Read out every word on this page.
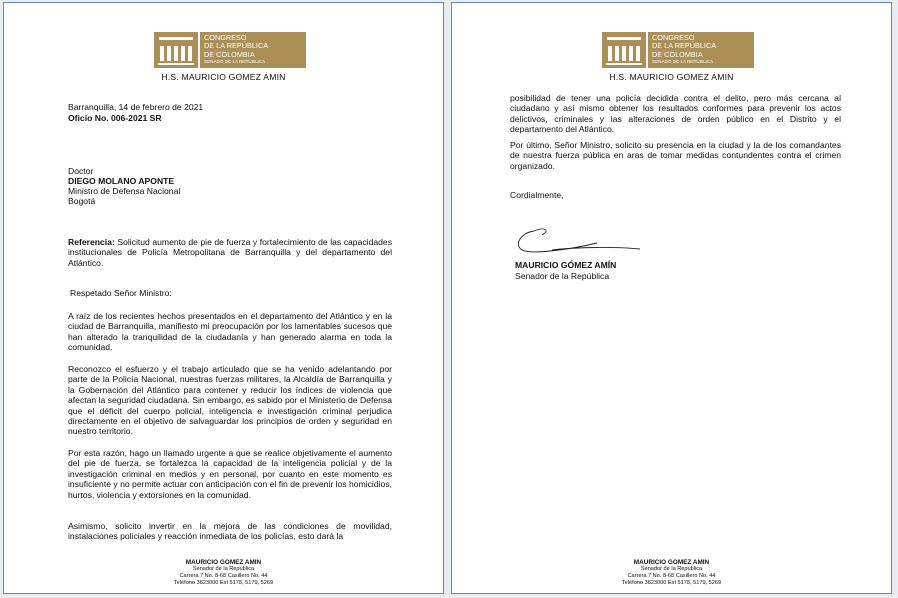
CONGRESO
DE LA REPÚBLICA
DE COLOMBIA
SENADO DE LA REPÚBLICA
H.S. MAURICIO GOMEZ AMIN
Barranquilla, 14 de febrero de 2021
Oficio No. 006-2021 SR
Doctor
DIEGO MOLANO APONTE
Ministro de Defensa Nacional
Bogotá
Referencia: Solicitud aumento de pie de fuerza y fortalecimiento de las capacidades institucionales de Policía Metropolitana de Barranquilla y del departamento del Atlántico.
Respetado Señor Ministro:
A raíz de los recientes hechos presentados en el departamento del Atlántico y en la ciudad de Barranquilla, manifiesto mi preocupación por los lamentables sucesos que han alterado la tranquilidad de la ciudadanía y han generado alarma en toda la comunidad.
Reconozco el esfuerzo y el trabajo articulado que se ha venido adelantando por parte de la Policía Nacional, nuestras fuerzas militares, la Alcaldía de Barranquilla y la Gobernación del Atlántico para contener y reducir los índices de violencia que afectan la seguridad ciudadana. Sin embargo, es sabido por el Ministerio de Defensa que el déficit del cuerpo policial, inteligencia e investigación criminal perjudica directamente en el objetivo de salvaguardar los principios de orden y seguridad en nuestro territorio.
Por esta razón, hago un llamado urgente a que se realice objetivamente el aumento del pie de fuerza, se fortalezca la capacidad de la inteligencia policial y de la investigación criminal en medios y en personal, por cuanto en este momento es insuficiente y no permite actuar con anticipación con el fin de prevenir los homicidios, hurtos, violencia y extorsiones en la comunidad.
Asimismo, solicito invertir en la mejora de las condiciones de movilidad, instalaciones policiales y reacción inmediata de los policías, esto dará la
MAURICIO GOMEZ AMIN
Senador de la República
Carrera 7 No. 8-68 Casillero No. 44
Teléfono 3823000 Ext 5178, 5179, 5269
CONGRESO
DE LA REPÚBLICA
DE COLOMBIA
SENADO DE LA REPÚBLICA
H.S. MAURICIO GOMEZ AMIN
posibilidad de tener una policía decidida contra el delito, pero más cercana al ciudadano y así mismo obtener los resultados conformes para prevenir los actos delictivos, criminales y las alteraciones de orden público en el Distrito y el departamento del Atlántico.
Por último, Señor Ministro, solicito su presencia en la ciudad y la de los comandantes de nuestra fuerza pública en aras de tomar medidas contundentes contra el crimen organizado.
Cordialmente,
MAURICIO GÓMEZ AMÍN
Senador de la República
MAURICIO GOMEZ AMIN
Senador de la República
Carrera 7 No. 8-68 Casillero No. 44
Teléfono 3823000 Ext 5178, 5179, 5269
